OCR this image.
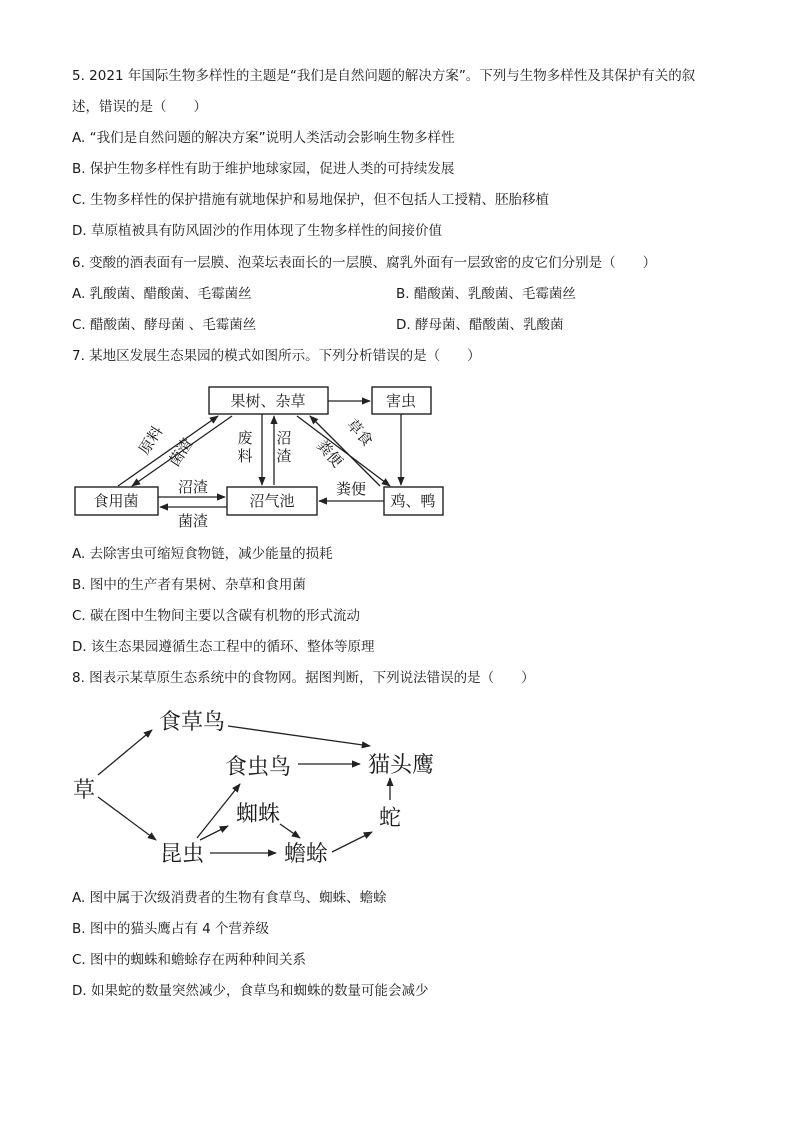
5. 2021 年国际生物多样性的主题是“我们是自然问题的解决方案”。下列与生物多样性及其保护有关的叙
述，错误的是（　　）
A. “我们是自然问题的解决方案”说明人类活动会影响生物多样性
B. 保护生物多样性有助于维护地球家园，促进人类的可持续发展
C. 生物多样性的保护措施有就地保护和易地保护，但不包括人工授精、胚胎移植
D. 草原植被具有防风固沙的作用体现了生物多样性的间接价值
6. 变酸的酒表面有一层膜、泡菜坛表面长的一层膜、腐乳外面有一层致密的皮它们分别是（　　）
A. 乳酸菌、醋酸菌、毛霉菌丝	B. 醋酸菌、乳酸菌、毛霉菌丝
C. 醋酸菌、酵母菌 、毛霉菌丝	D. 酵母菌、醋酸菌、乳酸菌
7. 某地区发展生态果园的模式如图所示。下列分析错误的是（　　）
果树、杂草	害虫
食用菌	沼气池	鸡、鸭
原料
菌渣	废
料
沼
渣
草食
粪便
沼渣
菌渣
粪便
A. 去除害虫可缩短食物链，减少能量的损耗
B. 图中的生产者有果树、杂草和食用菌
C. 碳在图中生物间主要以含碳有机物的形式流动
D. 该生态果园遵循生态工程中的循环、整体等原理
8. 图表示某草原生态系统中的食物网。据图判断，下列说法错误的是（　　）
草
食草鸟
食虫鸟	猫头鹰
蜘蛛	蛇
昆虫	蟾蜍
A. 图中属于次级消费者的生物有食草鸟、蜘蛛、蟾蜍
B. 图中的猫头鹰占有 4 个营养级
C. 图中的蜘蛛和蟾蜍存在两种种间关系
D. 如果蛇的数量突然减少，食草鸟和蜘蛛的数量可能会减少
